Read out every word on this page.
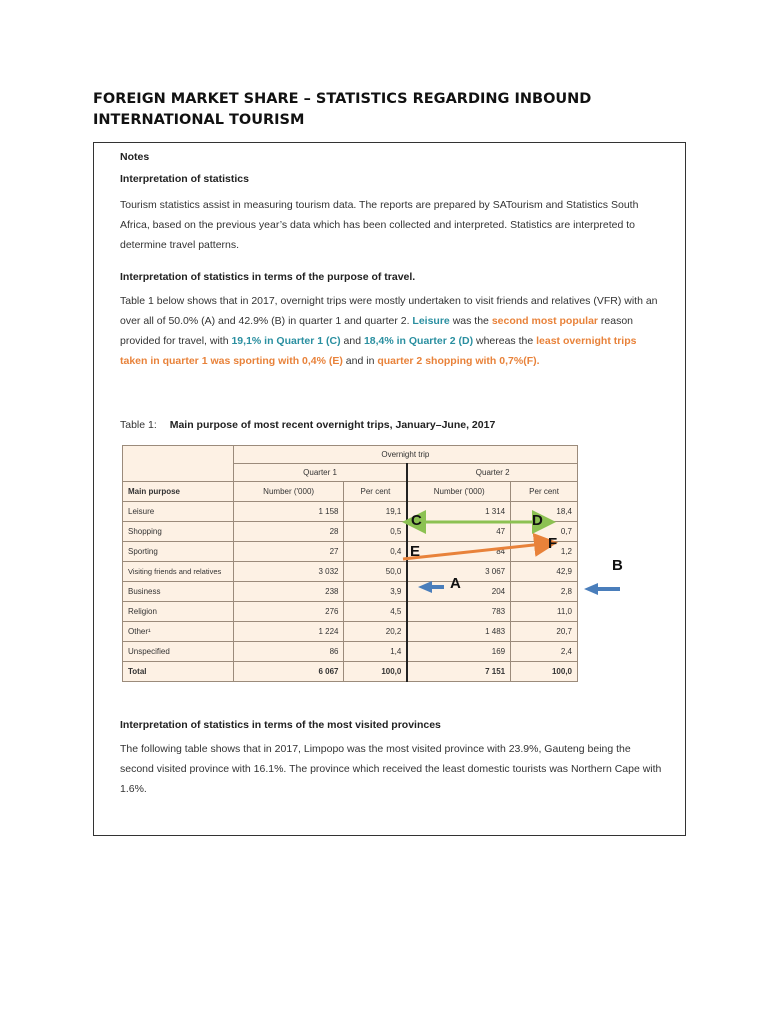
FOREIGN MARKET SHARE – STATISTICS REGARDING INBOUND INTERNATIONAL TOURISM
Notes
Interpretation of statistics
Tourism statistics assist in measuring tourism data. The reports are prepared by SATourism and Statistics South Africa, based on the previous year’s data which has been collected and interpreted. Statistics are interpreted to determine travel patterns.
Interpretation of statistics in terms of the purpose of travel.
Table 1 below shows that in 2017, overnight trips were mostly undertaken to visit friends and relatives (VFR) with an over all of 50.0% (A) and 42.9% (B) in quarter 1 and quarter 2. Leisure was the second most popular reason provided for travel, with 19,1% in Quarter 1 (C) and 18,4% in Quarter 2 (D) whereas the least overnight trips taken in quarter 1 was sporting with 0,4% (E) and in quarter 2 shopping with 0,7%(F).
Table 1: Main purpose of most recent overnight trips, January–June, 2017
	Overnight trip			
	Quarter 1		Quarter 2	
Main purpose	Number ('000)	Per cent	Number ('000)	Per cent
Leisure	1 158	19,1	1 314	18,4
Shopping	28	0,5	47	0,7
Sporting	27	0,4	84	1,2
Visiting friends and relatives	3 032	50,0	3 067	42,9
Business	238	3,9	204	2,8
Religion	276	4,5	783	11,0
Other¹	1 224	20,2	1 483	20,7
Unspecified	86	1,4	169	2,4
Total	6 067	100,0	7 151	100,0
C	D
E	F
A
B
Interpretation of statistics in terms of the most visited provinces
The following table shows that in 2017, Limpopo was the most visited province with 23.9%, Gauteng being the second visited province with 16.1%. The province which received the least domestic tourists was Northern Cape with 1.6%.
